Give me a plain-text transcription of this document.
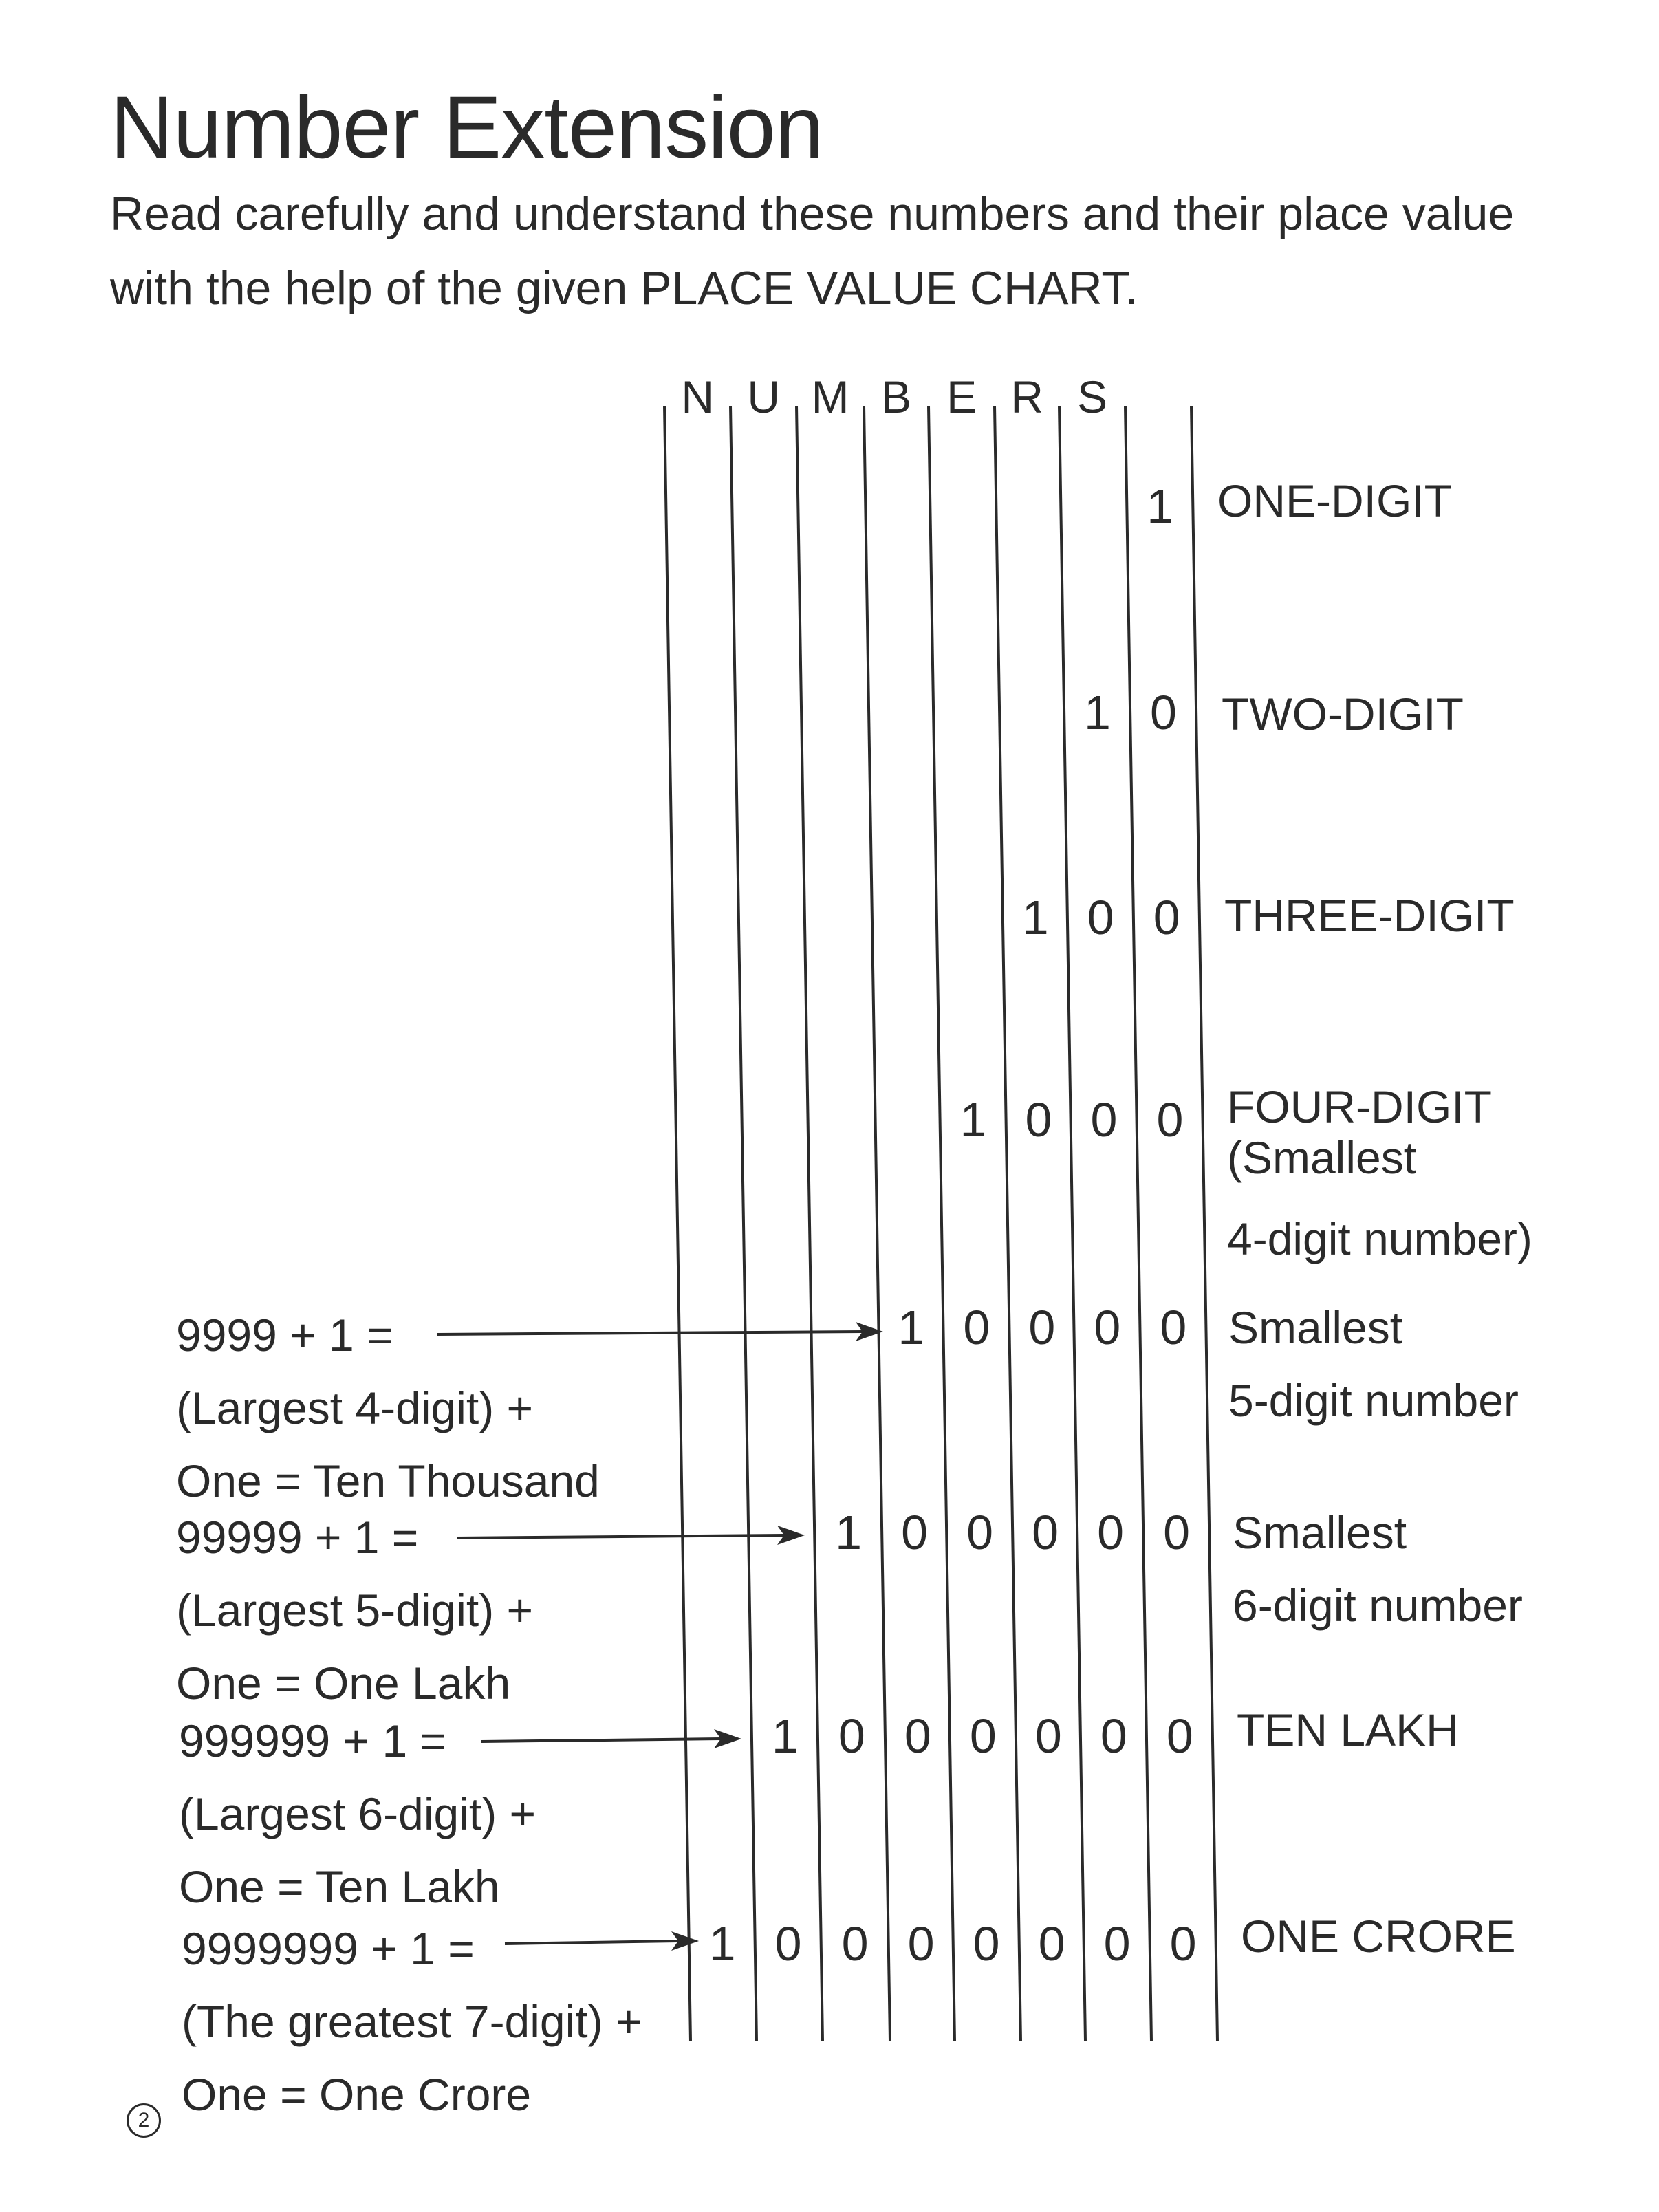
Number Extension
Read carefully and understand these numbers and their place value
with the help of the given PLACE VALUE CHART.
N U M B E R S
1
1 0
1 0 0
1 0 0 0
1 0 0 0 0
1 0 0 0 0 0
1 0 0 0 0 0 0
1 0 0 0 0 0 0 0
ONE-DIGIT
TWO-DIGIT
THREE-DIGIT
FOUR-DIGIT
(Smallest
4-digit number)
Smallest
5-digit number
Smallest
6-digit number
TEN LAKH
ONE CRORE
9999 + 1 =
(Largest 4-digit) +
One = Ten Thousand
99999 + 1 =
(Largest 5-digit) +
One = One Lakh
999999 + 1 =
(Largest 6-digit) +
One = Ten Lakh
9999999 + 1 =
(The greatest 7-digit) +
One = One Crore
2
